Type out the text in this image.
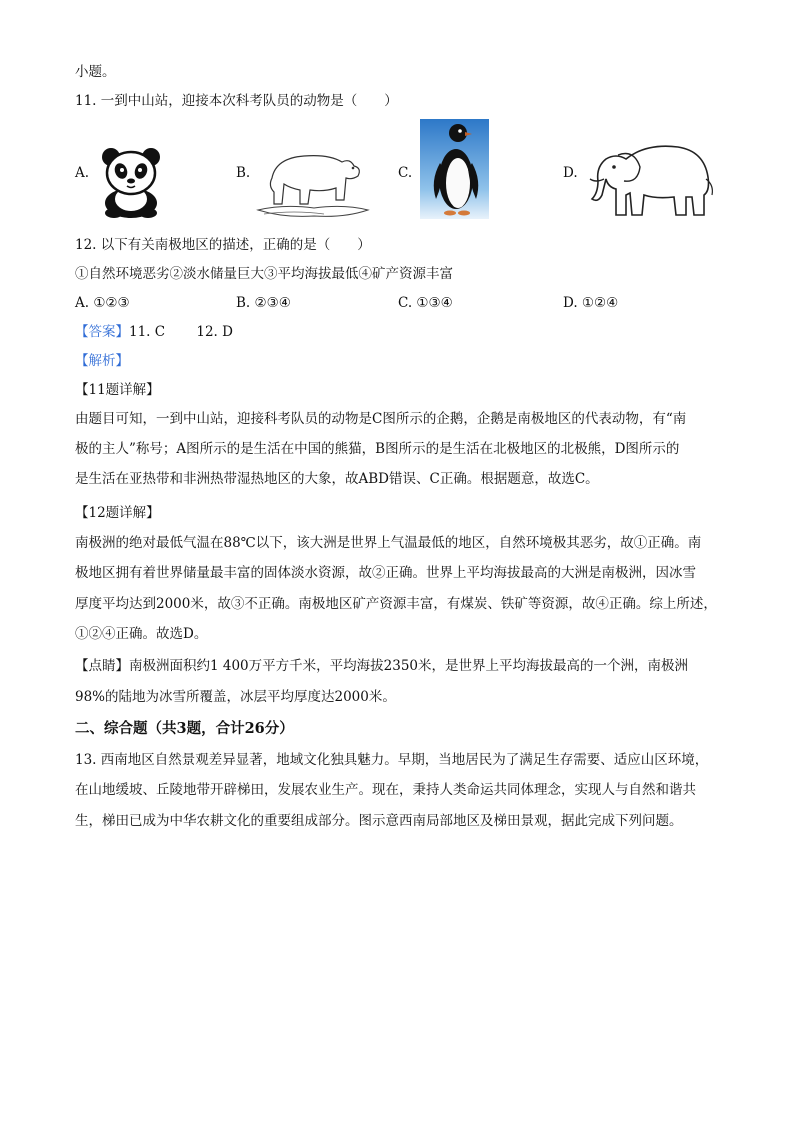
小题。
11. 一到中山站，迎接本次科考队员的动物是（　　）
A.	B.	C.	D.
12. 以下有关南极地区的描述，正确的是（　　）
①自然环境恶劣②淡水储量巨大③平均海拔最低④矿产资源丰富
A. ①②③	B. ②③④	C. ①③④	D. ①②④
【答案】11. C　　 12. D
【解析】
【11题详解】
由题目可知，一到中山站，迎接科考队员的动物是C图所示的企鹅，企鹅是南极地区的代表动物，有“南
极的主人”称号；A图所示的是生活在中国的熊猫，B图所示的是生活在北极地区的北极熊，D图所示的
是生活在亚热带和非洲热带湿热地区的大象，故ABD错误、C正确。根据题意，故选C。
【12题详解】
南极洲的绝对最低气温在88℃以下，该大洲是世界上气温最低的地区，自然环境极其恶劣，故①正确。南
极地区拥有着世界储量最丰富的固体淡水资源，故②正确。世界上平均海拔最高的大洲是南极洲，因冰雪
厚度平均达到2000米，故③不正确。南极地区矿产资源丰富，有煤炭、铁矿等资源，故④正确。综上所述，
①②④正确。故选D。
【点睛】南极洲面积约1 400万平方千米，平均海拔2350米，是世界上平均海拔最高的一个洲，南极洲
98%的陆地为冰雪所覆盖，冰层平均厚度达2000米。
二、综合题（共3题，合计26分）
13. 西南地区自然景观差异显著，地域文化独具魅力。早期，当地居民为了满足生存需要、适应山区环境，
在山地缓坡、丘陵地带开辟梯田，发展农业生产。现在，秉持人类命运共同体理念，实现人与自然和谐共
生，梯田已成为中华农耕文化的重要组成部分。图示意西南局部地区及梯田景观，据此完成下列问题。
